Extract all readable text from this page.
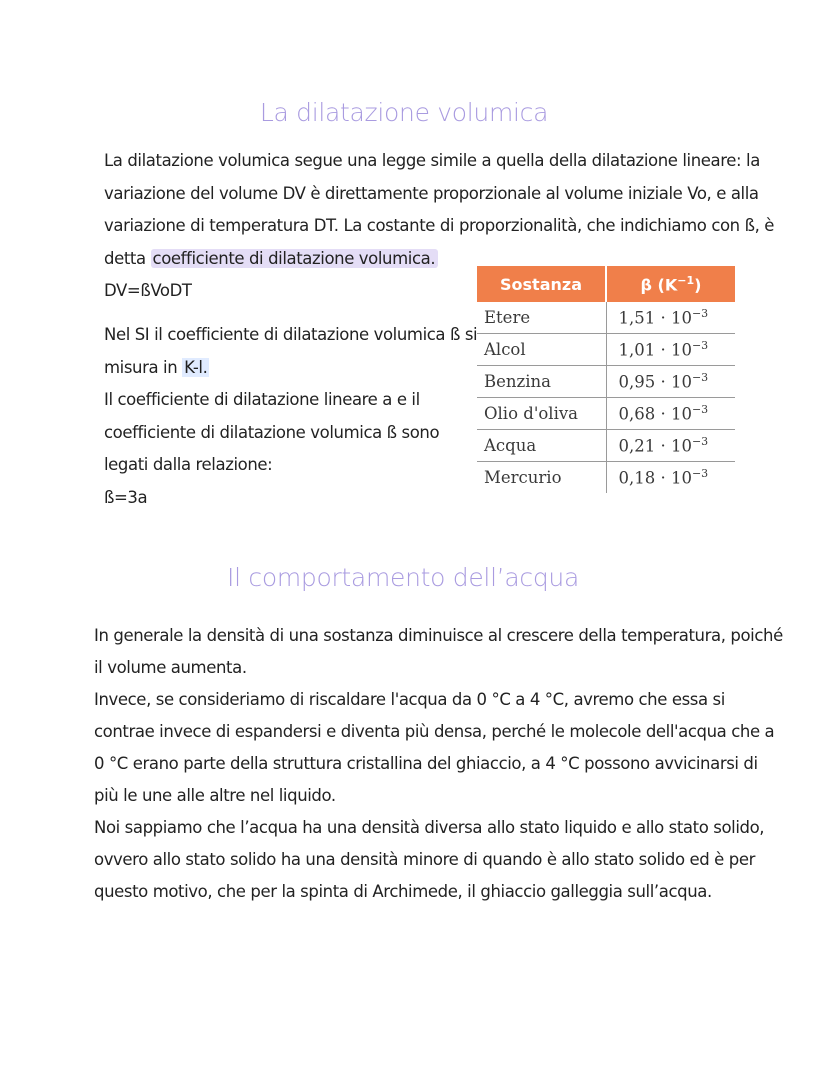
La dilatazione volumica
La dilatazione volumica segue una legge simile a quella della dilatazione lineare: la
variazione del volume DV è direttamente proporzionale al volume iniziale Vo, e alla
variazione di temperatura DT. La costante di proporzionalità, che indichiamo con ß, è
detta coefficiente di dilatazione volumica.
DV=ßVoDT
Nel SI il coefficiente di dilatazione volumica ß si
misura in K-l.
Il coefficiente di dilatazione lineare a e il
coefficiente di dilatazione volumica ß sono
legati dalla relazione:
ß=3a
Sostanza	β $(K^{-1})$
Etere	$1,51 \cdot 10^{-3}$
Alcol	$1,01 \cdot 10^{-3}$
Benzina	$0,95 \cdot 10^{-3}$
Olio d'oliva	$0,68 \cdot 10^{-3}$
Acqua	$0,21 \cdot 10^{-3}$
Mercurio	$0,18 \cdot 10^{-3}$
Il comportamento dell’acqua
In generale la densità di una sostanza diminuisce al crescere della temperatura, poiché
il volume aumenta.
Invece, se consideriamo di riscaldare l'acqua da 0 °C a 4 °C, avremo che essa si
contrae invece di espandersi e diventa più densa, perché le molecole dell'acqua che a
0 °C erano parte della struttura cristallina del ghiaccio, a 4 °C possono avvicinarsi di
più le une alle altre nel liquido.
Noi sappiamo che l’acqua ha una densità diversa allo stato liquido e allo stato solido,
ovvero allo stato solido ha una densità minore di quando è allo stato solido ed è per
questo motivo, che per la spinta di Archimede, il ghiaccio galleggia sull’acqua.
